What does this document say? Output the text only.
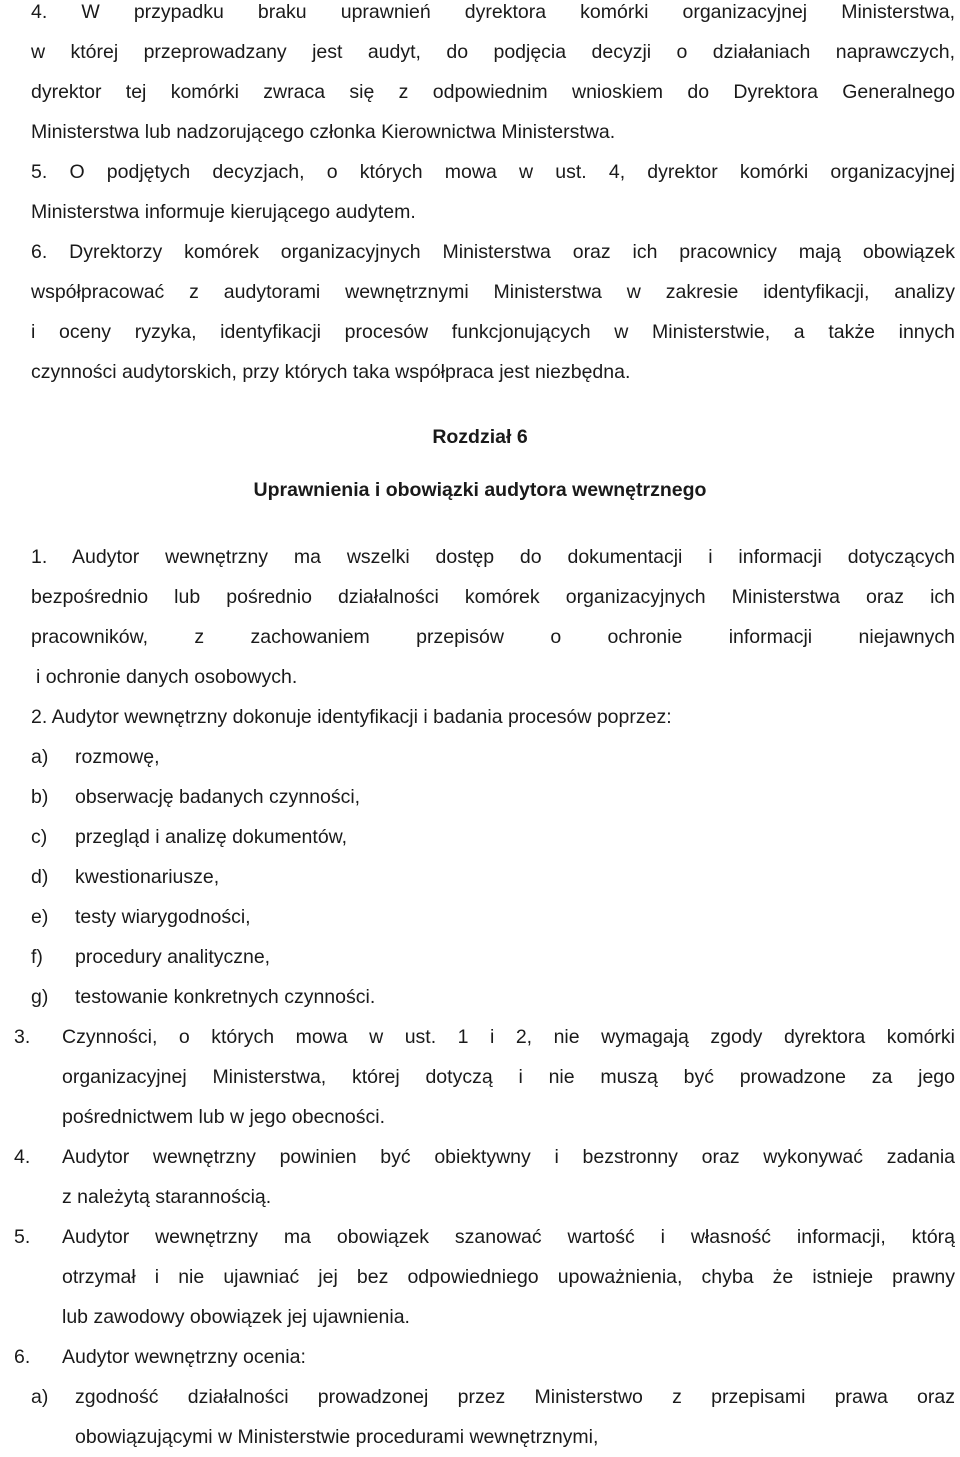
4. W przypadku braku uprawnień dyrektora komórki organizacyjnej Ministerstwa,
w której przeprowadzany jest audyt, do podjęcia decyzji o działaniach naprawczych,
dyrektor tej komórki zwraca się z odpowiednim wnioskiem do Dyrektora Generalnego
Ministerstwa lub nadzorującego członka Kierownictwa Ministerstwa.
5. O podjętych decyzjach, o których mowa w ust. 4, dyrektor komórki organizacyjnej
Ministerstwa informuje kierującego audytem.
6. Dyrektorzy komórek organizacyjnych Ministerstwa oraz ich pracownicy mają obowiązek
współpracować z audytorami wewnętrznymi Ministerstwa w zakresie identyfikacji, analizy
i oceny ryzyka, identyfikacji procesów funkcjonujących w Ministerstwie, a także innych
czynności audytorskich, przy których taka współpraca jest niezbędna.
Rozdział 6
Uprawnienia i obowiązki audytora wewnętrznego
1. Audytor wewnętrzny ma wszelki dostęp do dokumentacji i informacji dotyczących
bezpośrednio lub pośrednio działalności komórek organizacyjnych Ministerstwa oraz ich
pracowników, z zachowaniem przepisów o ochronie informacji niejawnych
i ochronie danych osobowych.
2. Audytor wewnętrzny dokonuje identyfikacji i badania procesów poprzez:
a) rozmowę,
b) obserwację badanych czynności,
c) przegląd i analizę dokumentów,
d) kwestionariusze,
e) testy wiarygodności,
f) procedury analityczne,
g) testowanie konkretnych czynności.
3. Czynności, o których mowa w ust. 1 i 2, nie wymagają zgody dyrektora komórki
organizacyjnej Ministerstwa, której dotyczą i nie muszą być prowadzone za jego
pośrednictwem lub w jego obecności.
4. Audytor wewnętrzny powinien być obiektywny i bezstronny oraz wykonywać zadania
z należytą starannością.
5. Audytor wewnętrzny ma obowiązek szanować wartość i własność informacji, którą
otrzymał i nie ujawniać jej bez odpowiedniego upoważnienia, chyba że istnieje prawny
lub zawodowy obowiązek jej ujawnienia.
6. Audytor wewnętrzny ocenia:
a) zgodność działalności prowadzonej przez Ministerstwo z przepisami prawa oraz
obowiązującymi w Ministerstwie procedurami wewnętrznymi,
